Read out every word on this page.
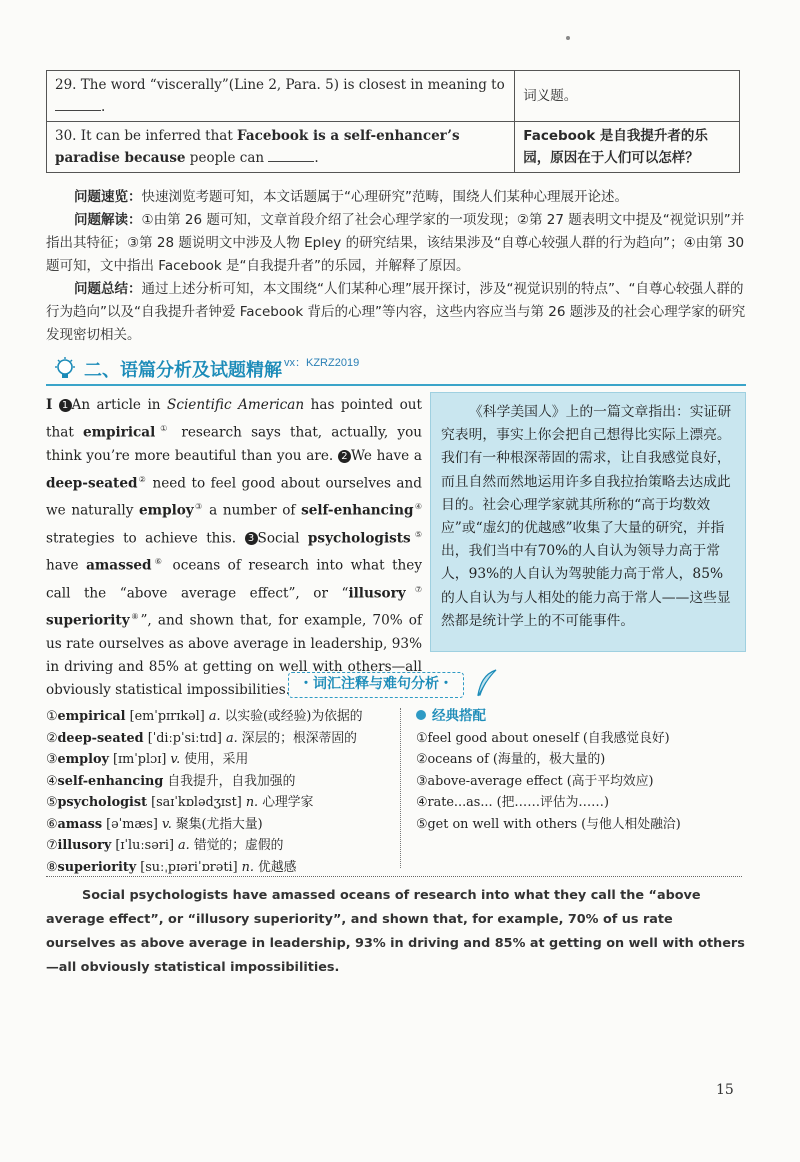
29. The word “viscerally”(Line 2, Para. 5) is closest in meaning to .	词义题。
30. It can be inferred that Facebook is a self-enhancer’s paradise because people can .	Facebook 是自我提升者的乐园，原因在于人们可以怎样？

问题速览：快速浏览考题可知，本文话题属于“心理研究”范畴，围绕人们某种心理展开论述。

问题解读：①由第 26 题可知，文章首段介绍了社会心理学家的一项发现；②第 27 题表明文中提及“视觉识别”并指出其特征；③第 28 题说明文中涉及人物 Epley 的研究结果，该结果涉及“自尊心较强人群的行为趋向”；④由第 30 题可知，文中指出 Facebook 是“自我提升者”的乐园，并解释了原因。

问题总结：通过上述分析可知，本文围绕“人们某种心理”展开探讨，涉及“视觉识别的特点”、“自尊心较强人群的行为趋向”以及“自我提升者钟爱 Facebook 背后的心理”等内容，这些内容应当与第 26 题涉及的社会心理学家的研究发现密切相关。

二、语篇分析及试题精解 vx：KZRZ2019
Ⅰ 1 An article in Scientific American has pointed out that empirical① research says that, actually, you think you’re more beautiful than you are. 2 We have a deep-seated② need to feel good about ourselves and we naturally employ③ a number of self-enhancing④ strategies to achieve this. 3 Social psychologists⑤ have amassed⑥ oceans of research into what they call the “above average effect”, or “illusory⑦ superiority⑧”, and shown that, for example, 70% of us rate ourselves as above average in leadership, 93% in driving and 85% at getting on well with others—all obviously statistical impossibilities.

《科学美国人》上的一篇文章指出：实证研究表明，事实上你会把自己想得比实际上漂亮。我们有一种根深蒂固的需求，让自我感觉良好，而且自然而然地运用许多自我拉抬策略去达成此目的。社会心理学家就其所称的“高于均数效应”或“虚幻的优越感”收集了大量的研究，并指出，我们当中有70%的人自认为领导力高于常人，93%的人自认为驾驶能力高于常人，85%的人自认为与人相处的能力高于常人——这些显然都是统计学上的不可能事件。

・词汇注释与难句分析・
①empirical [emˈpɪrɪkəl] a. 以实验(或经验)为依据的
②deep-seated [ˈdiːpˈsiːtɪd] a. 深层的；根深蒂固的
③employ [ɪmˈplɔɪ] v. 使用，采用
④self-enhancing 自我提升，自我加强的
⑤psychologist [saɪˈkɒlədʒɪst] n. 心理学家
⑥amass [əˈmæs] v. 聚集(尤指大量)
⑦illusory [ɪˈluːsəri] a. 错觉的；虚假的
⑧superiority [suːˌpɪəriˈɒrəti] n. 优越感
经典搭配
①feel good about oneself (自我感觉良好)
②oceans of (海量的，极大量的)
③above-average effect (高于平均效应)
④rate...as... (把……评估为……)
⑤get on well with others (与他人相处融洽)

Social psychologists have amassed oceans of research into what they call the “above average effect”, or “illusory superiority”, and shown that, for example, 70% of us rate ourselves as above average in leadership, 93% in driving and 85% at getting on well with others—all obviously statistical impossibilities.

15
